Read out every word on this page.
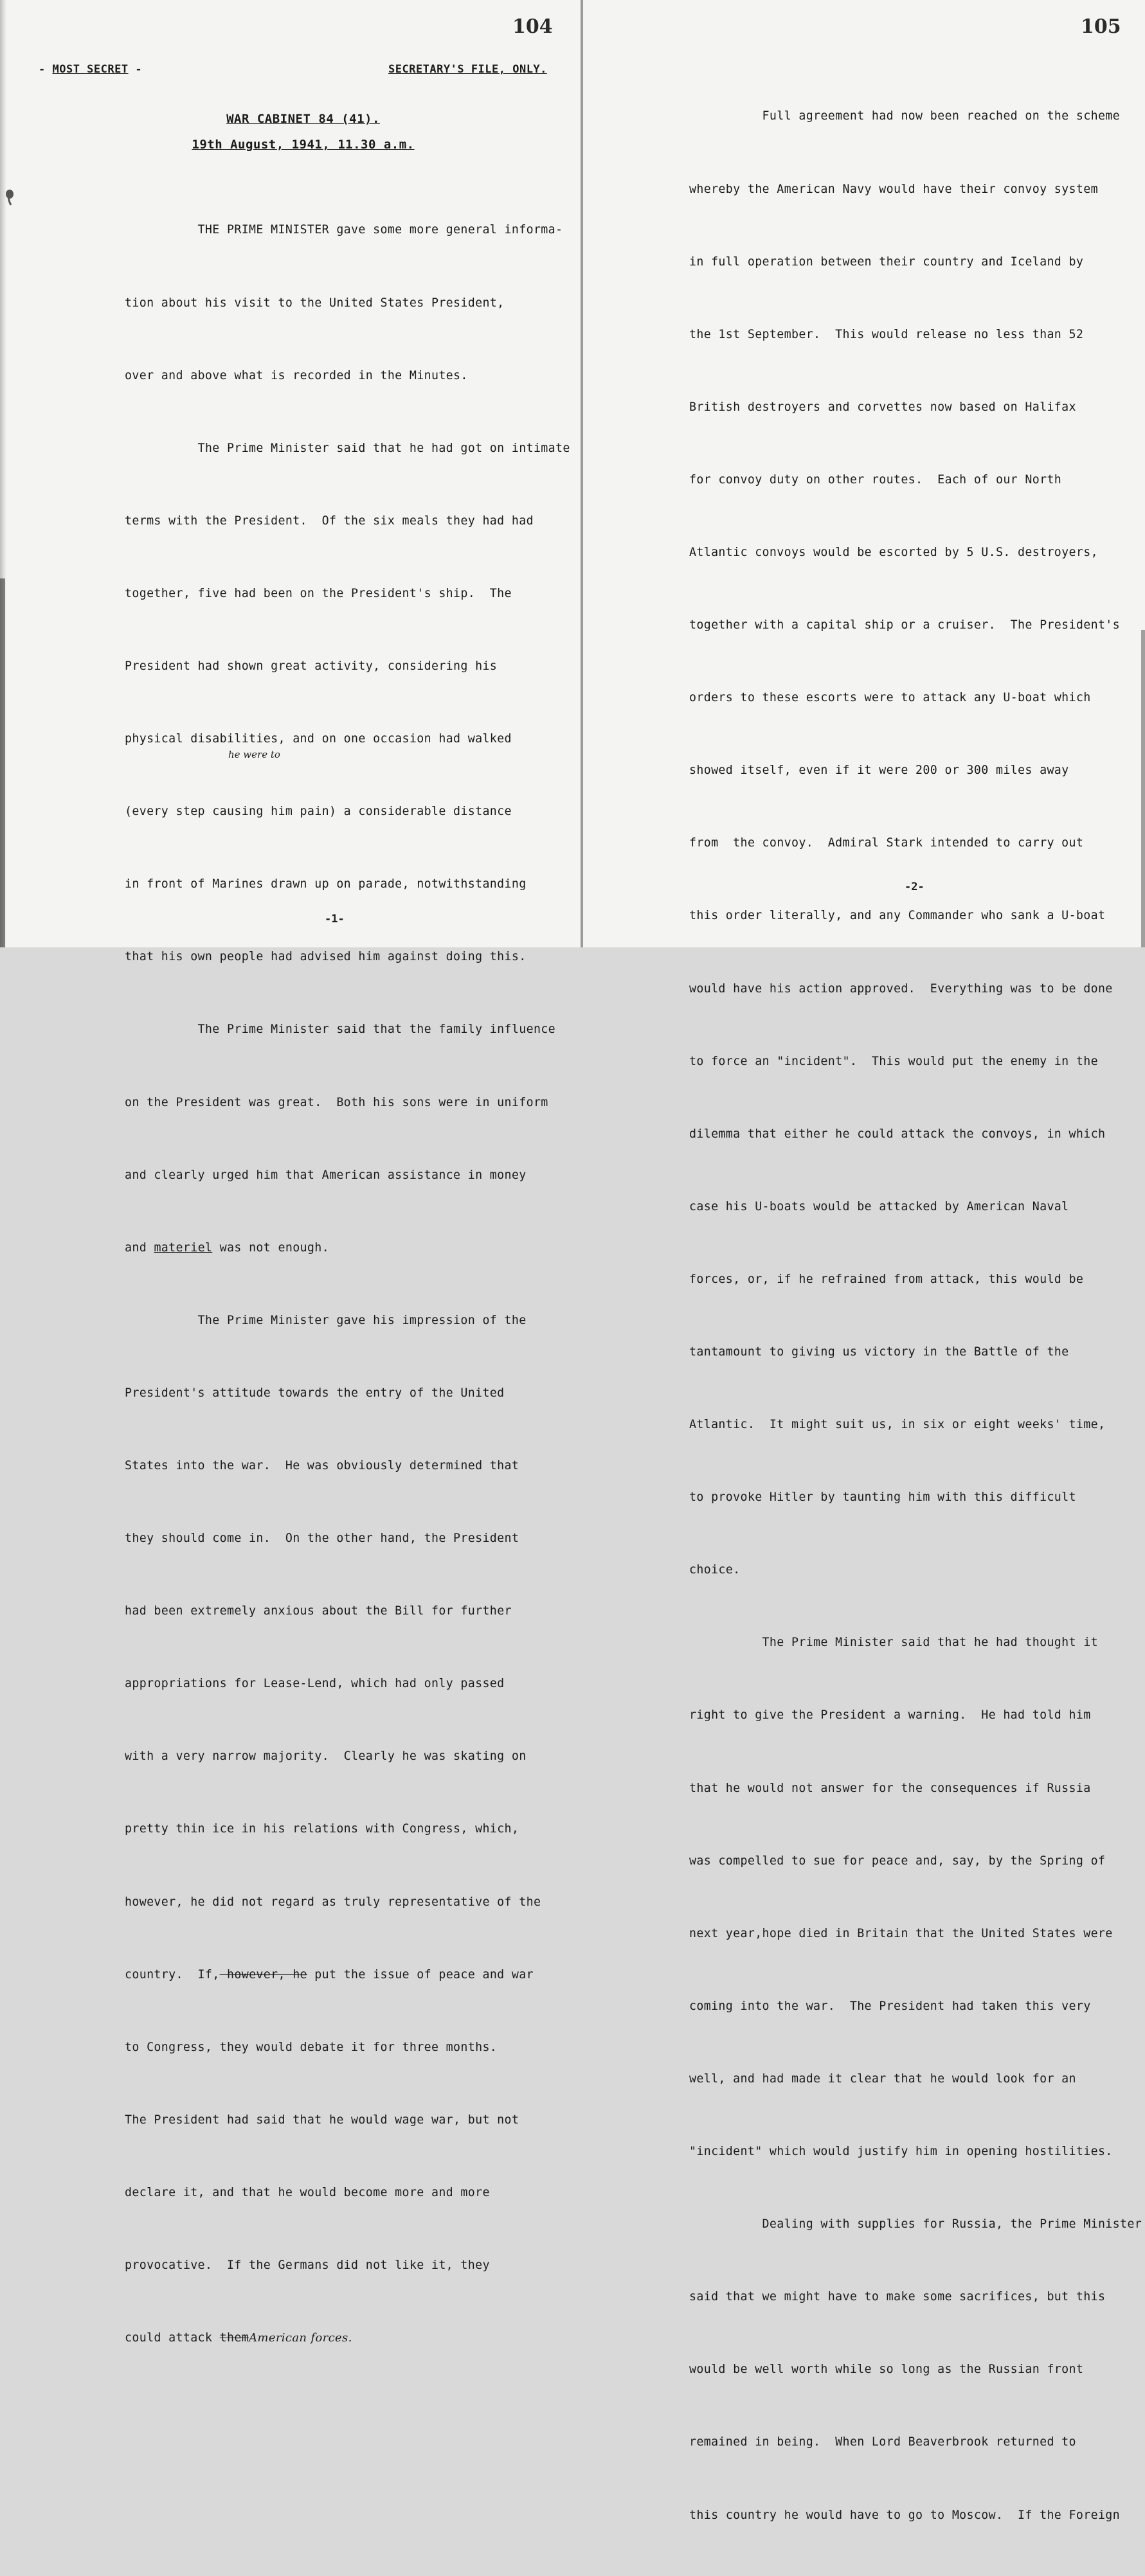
104
- MOST SECRET -	SECRETARY'S FILE, ONLY.
WAR CABINET 84 (41).
19th August, 1941, 11.30 a.m.

THE PRIME MINISTER gave some more general informa-

tion about his visit to the United States President,

over and above what is recorded in the Minutes.

The Prime Minister said that he had got on intimate

terms with the President.  Of the six meals they had had

together, five had been on the President's ship.  The

President had shown great activity, considering his

physical disabilities, and on one occasion had walked

(every step causing him pain) a considerable distance

in front of Marines drawn up on parade, notwithstanding

that his own people had advised him against doing this.

The Prime Minister said that the family influence

on the President was great.  Both his sons were in uniform

and clearly urged him that American assistance in money

and materiel was not enough.

The Prime Minister gave his impression of the

President's attitude towards the entry of the United

States into the war.  He was obviously determined that

they should come in.  On the other hand, the President

had been extremely anxious about the Bill for further

appropriations for Lease-Lend, which had only passed

with a very narrow majority.  Clearly he was skating on

pretty thin ice in his relations with Congress, which,

however, he did not regard as truly representative of the

country.  If, however, he put the issue of peace and war

to Congress, they would debate it for three months.

The President had said that he would wage war, but not

declare it, and that he would become more and more

provocative.  If the Germans did not like it, they

could attack themAmerican forces.

he were to
-1-
105

Full agreement had now been reached on the scheme

whereby the American Navy would have their convoy system

in full operation between their country and Iceland by

the 1st September.  This would release no less than 52

British destroyers and corvettes now based on Halifax

for convoy duty on other routes.  Each of our North

Atlantic convoys would be escorted by 5 U.S. destroyers,

together with a capital ship or a cruiser.  The President's

orders to these escorts were to attack any U-boat which

showed itself, even if it were 200 or 300 miles away

from  the convoy.  Admiral Stark intended to carry out

this order literally, and any Commander who sank a U-boat

would have his action approved.  Everything was to be done

to force an "incident".  This would put the enemy in the

dilemma that either he could attack the convoys, in which

case his U-boats would be attacked by American Naval

forces, or, if he refrained from attack, this would be

tantamount to giving us victory in the Battle of the

Atlantic.  It might suit us, in six or eight weeks' time,

to provoke Hitler by taunting him with this difficult

choice.

The Prime Minister said that he had thought it

right to give the President a warning.  He had told him

that he would not answer for the consequences if Russia

was compelled to sue for peace and, say, by the Spring of

next year,hope died in Britain that the United States were

coming into the war.  The President had taken this very

well, and had made it clear that he would look for an

"incident" which would justify him in opening hostilities.

Dealing with supplies for Russia, the Prime Minister

said that we might have to make some sacrifices, but this

would be well worth while so long as the Russian front

remained in being.  When Lord Beaverbrook returned to

this country he would have to go to Moscow.  If the Foreign

-2-
